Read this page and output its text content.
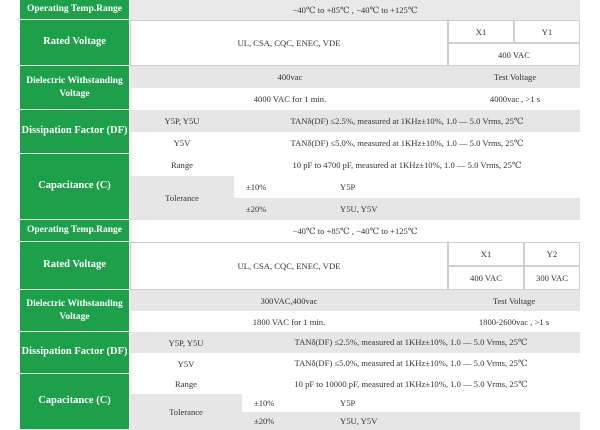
Operating Temp.Range	−40℃ to +85℃ , −40℃ to +125℃
Rated Voltage	UL, CSA, CQC, ENEC, VDE
X1	Y1
400 VAC
Dielectric Withstanding Voltage
400vac	Test Voltage
4000 VAC for 1 min.	4000vac , >1 s
Dissipation Factor (DF)
Y5P, Y5U	TANδ(DF) ≤2.5%, measured at 1KHz±10%, 1.0 — 5.0 Vrms, 25℃
Y5V	TANδ(DF) ≤5.0%, measured at 1KHz±10%, 1.0 — 5.0 Vrms, 25℃
Capacitance (C)
Range	10 pF to 4700 pF, measured at 1KHz±10%, 1.0 — 5.0 Vrms, 25℃
Tolerance
±10%	Y5P
±20%	Y5U, Y5V
Operating Temp.Range	−40℃ to +85℃ , −40℃ to +125℃
Rated Voltage	UL, CSA, CQC, ENEC, VDE
X1	Y2
400 VAC	300 VAC
Dielectric Withstanding Voltage
300VAC,400vac	Test Voltage
1800 VAC for 1 min.	1800-2600vac , >1 s
Dissipation Factor (DF)
Y5P, Y5U	TANδ(DF) ≤2.5%, measured at 1KHz±10%, 1.0 — 5.0 Vrms, 25℃
Y5V	TANδ(DF) ≤5.0%, measured at 1KHz±10%, 1.0 — 5.0 Vrms, 25℃
Capacitance (C)
Range	10 pF to 10000 pF, measured at 1KHz±10%, 1.0 — 5.0 Vrms, 25℃
Tolerance
±10%	Y5P
±20%	Y5U, Y5V
